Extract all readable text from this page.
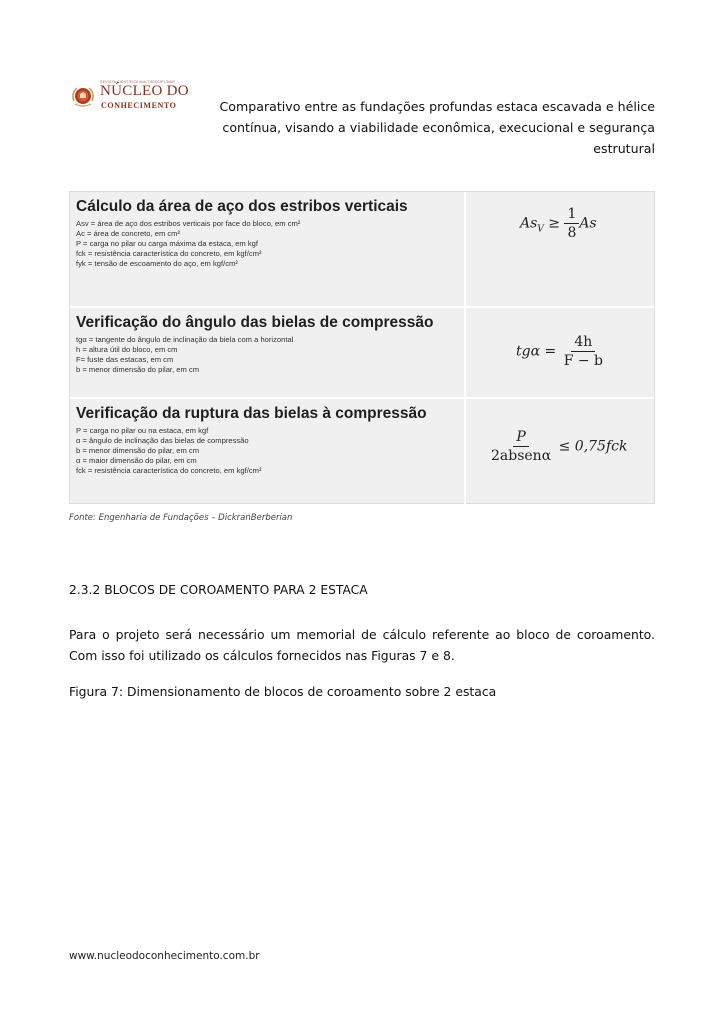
REVISTA CIENTÍFICA MULTIDISCIPLINAR
NÚCLEO DO
CONHECIMENTO	Comparativo entre as fundações profundas estaca escavada e hélice contínua, visando a viabilidade econômica, execucional e segurança estrutural
Cálculo da área de aço dos estribos verticais
Asv = área de aço dos estribos verticais por face do bloco, em cm²
Ac = área de concreto, em cm²
P = carga no pilar ou carga máxima da estaca, em kgf
fck = resistência característica do concreto, em kgf/cm²
fyk = tensão de escoamento do aço, em kgf/cm²
$As_V \ge \frac{1}{8}$ As
Verificação do ângulo das bielas de compressão
tgα = tangente do ângulo de inclinação da biela com a horizontal
h = altura útil do bloco, em cm
F= fuste das estacas, em cm
b = menor dimensão do pilar, em cm
$tg\alpha = \frac{4h}{F - b}$
Verificação da ruptura das bielas à compressão
P = carga no pilar ou na estaca, em kgf
α = ângulo de inclinação das bielas de compressão
b = menor dimensão do pilar, em cm
α = maior dimensão do pilar, em cm
fck = resistência característica do concreto, em kgf/cm²
$\frac{P}{\text{2absenα}} \le 0,75fck$
Fonte: Engenharia de Fundações – DickranBerberian
2.3.2 BLOCOS DE COROAMENTO PARA 2 ESTACA
Para o projeto será necessário um memorial de cálculo referente ao bloco de coroamento. Com isso foi utilizado os cálculos fornecidos nas Figuras 7 e 8.
Figura 7: Dimensionamento de blocos de coroamento sobre 2 estaca
www.nucleodoconhecimento.com.br
